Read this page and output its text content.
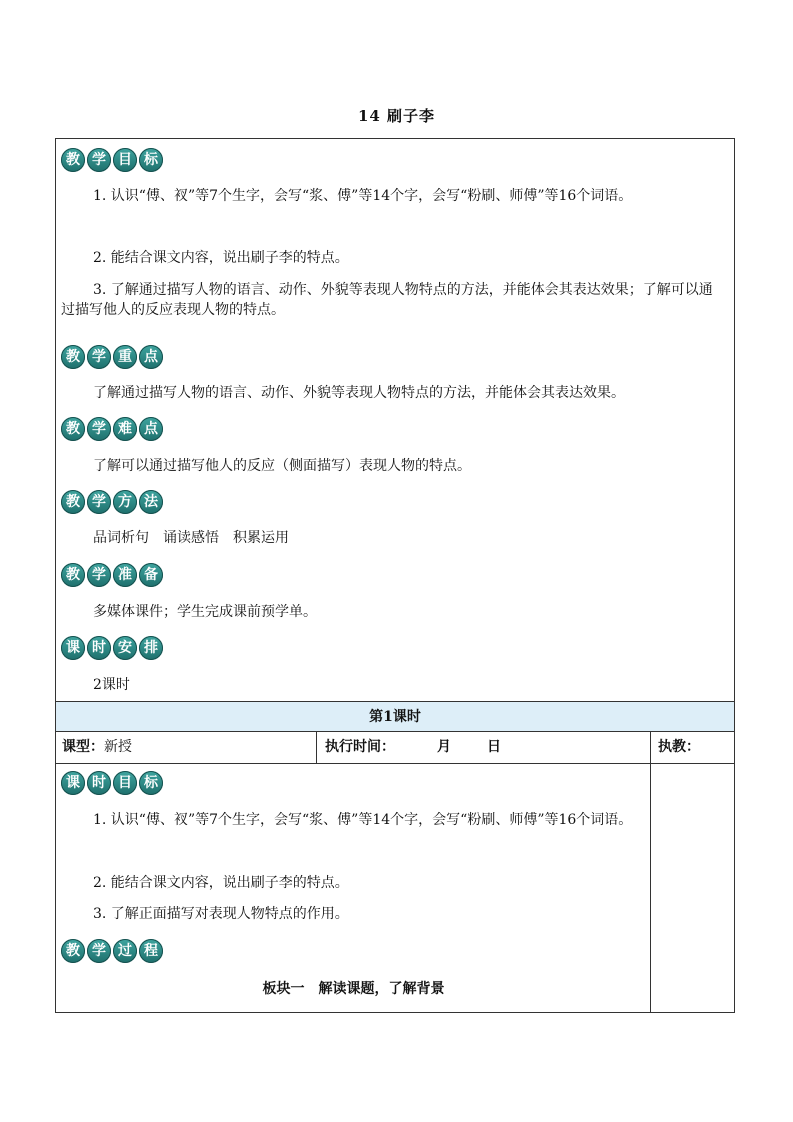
14 刷子李
教 学 目 标
1. 认识“傅、衩”等7个生字，会写“浆、傅”等14个字，会写“粉刷、师傅”等16个词语。
2. 能结合课文内容，说出刷子李的特点。
3. 了解通过描写人物的语言、动作、外貌等表现人物特点的方法，并能体会其表达效果；了解可以通过描写他人的反应表现人物的特点。
教 学 重 点
了解通过描写人物的语言、动作、外貌等表现人物特点的方法，并能体会其表达效果。
教 学 难 点
了解可以通过描写他人的反应（侧面描写）表现人物的特点。
教 学 方 法
品词析句　诵读感悟　积累运用
教 学 准 备
多媒体课件；学生完成课前预学单。
课 时 安 排
2课时
第1课时
课型：新授	执行时间：	月	日	执教：
课 时 目 标
1. 认识“傅、衩”等7个生字，会写“浆、傅”等14个字，会写“粉刷、师傅”等16个词语。
2. 能结合课文内容，说出刷子李的特点。
3. 了解正面描写对表现人物特点的作用。
教 学 过 程
板块一　解读课题，了解背景
